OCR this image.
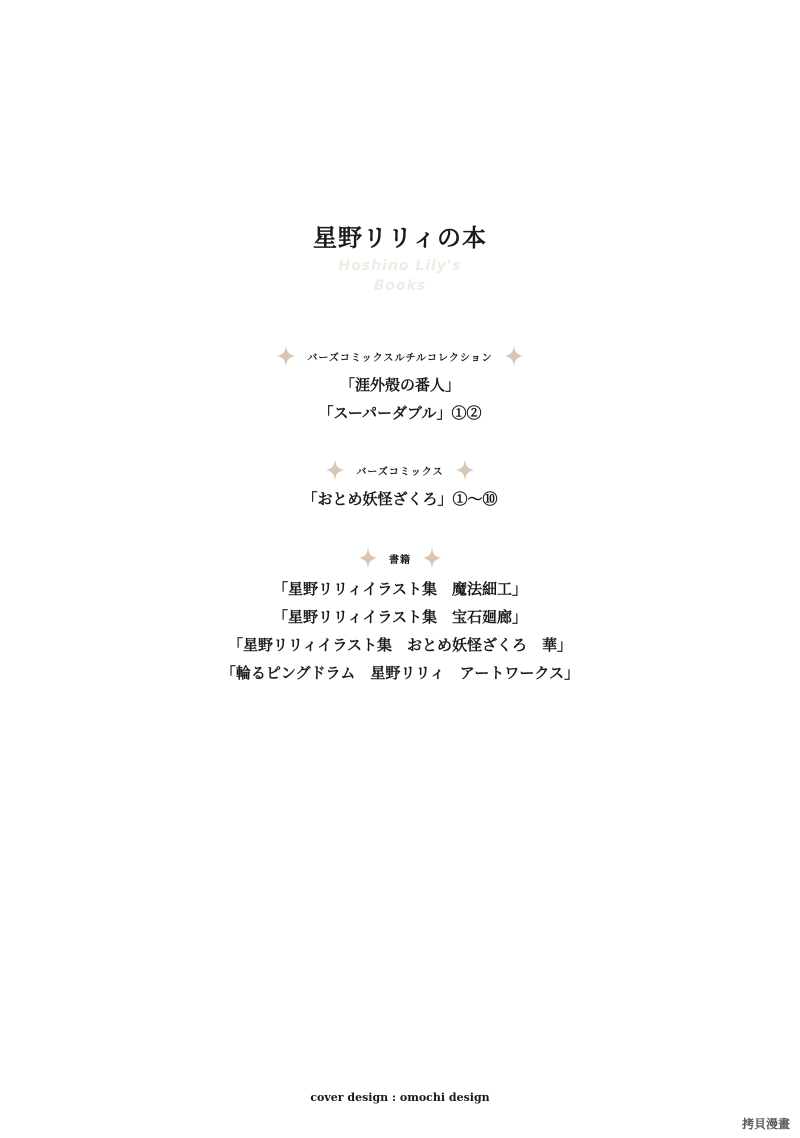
星野リリィの本
Hoshino Lily's
Books
バーズコミックスルチルコレクション
「涯外殻の番人」
「スーパーダブル」①②
バーズコミックス
「おとめ妖怪ざくろ」①〜⑩
書籍
「星野リリィイラスト集　魔法細工」
「星野リリィイラスト集　宝石廻廊」
「星野リリィイラスト集　おとめ妖怪ざくろ　華」
「輪るピングドラム　星野リリィ　アートワークス」
cover design : omochi design
拷貝漫畫
